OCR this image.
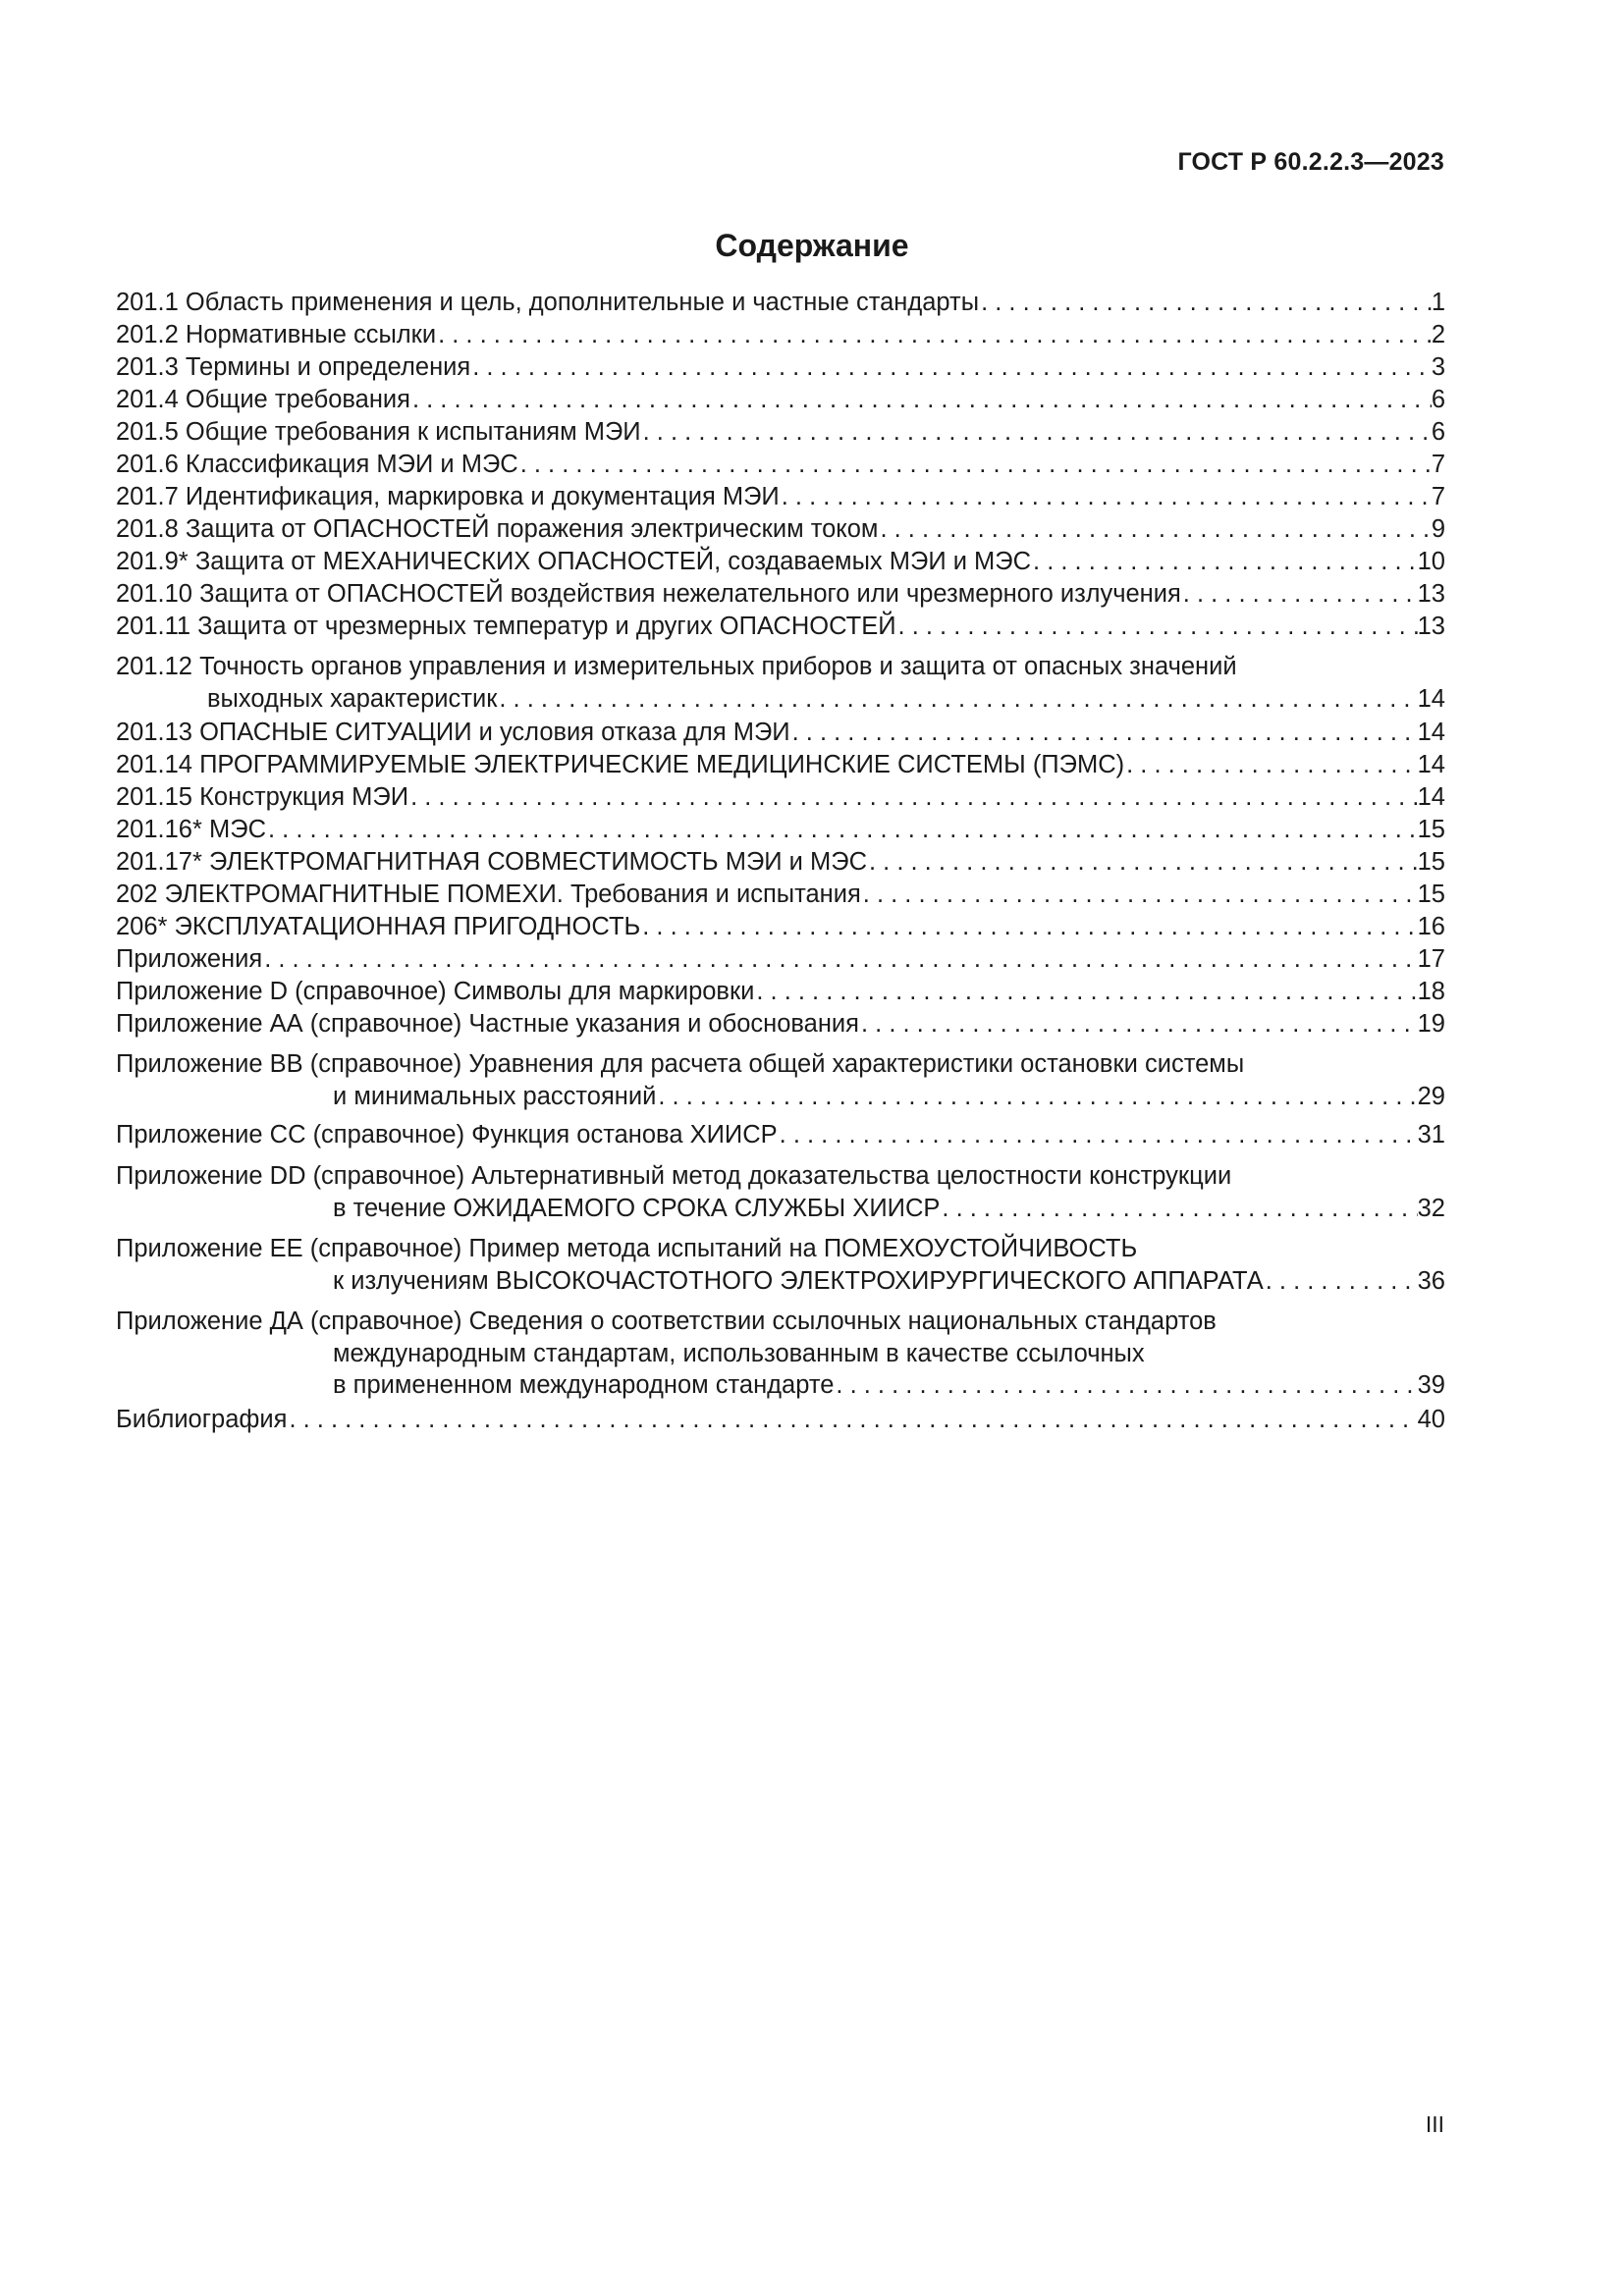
ГОСТ Р 60.2.2.3—2023
Содержание
201.1 Область применения и цель, дополнительные и частные стандарты . . .	1
201.2 Нормативные ссылки . . .	2
201.3 Термины и определения . . .	3
201.4 Общие требования . . .	6
201.5 Общие требования к испытаниям МЭИ . . .	6
201.6 Классификация МЭИ и МЭС . . .	7
201.7 Идентификация, маркировка и документация МЭИ . . .	7
201.8 Защита от ОПАСНОСТЕЙ поражения электрическим током . . .	9
201.9* Защита от МЕХАНИЧЕСКИХ ОПАСНОСТЕЙ, создаваемых МЭИ и МЭС . . .	10
201.10 Защита от ОПАСНОСТЕЙ воздействия нежелательного или чрезмерного излучения . . .	13
201.11 Защита от чрезмерных температур и других ОПАСНОСТЕЙ . . .	13
201.12 Точность органов управления и измерительных приборов и защита от опасных значений
выходных характеристик . . .	14
201.13 ОПАСНЫЕ СИТУАЦИИ и условия отказа для МЭИ . . .	14
201.14 ПРОГРАММИРУЕМЫЕ ЭЛЕКТРИЧЕСКИЕ МЕДИЦИНСКИЕ СИСТЕМЫ (ПЭМС) . . .	14
201.15 Конструкция МЭИ . . .	14
201.16* МЭС . . .	15
201.17* ЭЛЕКТРОМАГНИТНАЯ СОВМЕСТИМОСТЬ МЭИ и МЭС . . .	15
202 ЭЛЕКТРОМАГНИТНЫЕ ПОМЕХИ. Требования и испытания . . .	15
206* ЭКСПЛУАТАЦИОННАЯ ПРИГОДНОСТЬ . . .	16
Приложения . . .	17
Приложение D (справочное) Символы для маркировки . . .	18
Приложение АА (справочное) Частные указания и обоснования . . .	19
Приложение ВВ (справочное) Уравнения для расчета общей характеристики остановки системы
и минимальных расстояний . . .	29
Приложение СС (справочное) Функция останова ХИИСР . . .	31
Приложение DD (справочное) Альтернативный метод доказательства целостности конструкции
в течение ОЖИДАЕМОГО СРОКА СЛУЖБЫ ХИИСР . . .	32
Приложение ЕЕ (справочное) Пример метода испытаний на ПОМЕХОУСТОЙЧИВОСТЬ
к излучениям ВЫСОКОЧАСТОТНОГО ЭЛЕКТРОХИРУРГИЧЕСКОГО АППАРАТА . . .	36
Приложение ДА (справочное) Сведения о соответствии ссылочных национальных стандартов
международным стандартам, использованным в качестве ссылочных
в примененном международном стандарте . . .	39
Библиография . . .	40
III
